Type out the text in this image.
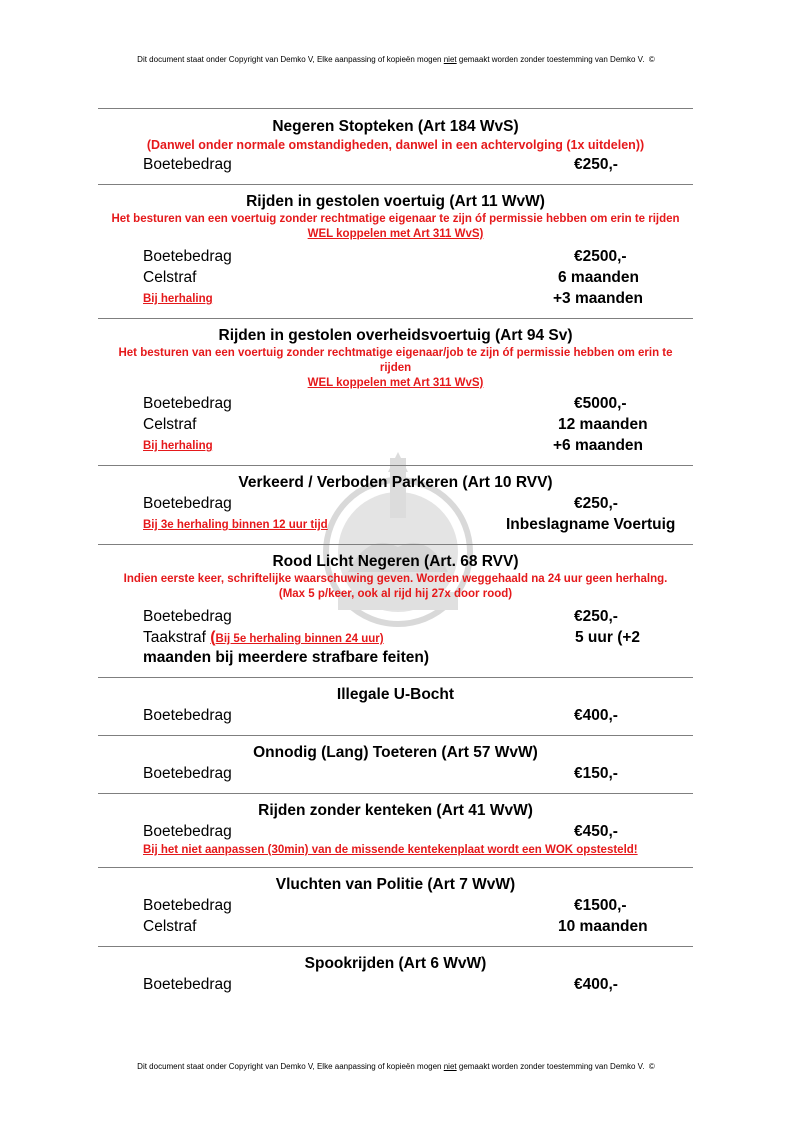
Dit document staat onder Copyright van Demko V, Elke aanpassing of kopieën mogen niet gemaakt worden zonder toestemming van Demko V. ©
Negeren Stopteken (Art 184 WvS)
(Danwel onder normale omstandigheden, danwel in een achtervolging (1x uitdelen))
Boetebedrag	€250,-
Rijden in gestolen voertuig (Art 11 WvW)
Het besturen van een voertuig zonder rechtmatige eigenaar te zijn óf permissie hebben om erin te rijden
WEL koppelen met Art 311 WvS)
Boetebedrag	€2500,-
Celstraf	6 maanden
Bij herhaling	+3 maanden
Rijden in gestolen overheidsvoertuig (Art 94 Sv)
Het besturen van een voertuig zonder rechtmatige eigenaar/job te zijn óf permissie hebben om erin te
rijden
WEL koppelen met Art 311 WvS)
Boetebedrag	€5000,-
Celstraf	12 maanden
Bij herhaling	+6 maanden
Verkeerd / Verboden Parkeren (Art 10 RVV)
Boetebedrag	€250,-
Bij 3e herhaling binnen 12 uur tijd	Inbeslagname Voertuig
Rood Licht Negeren (Art. 68 RVV)
Indien eerste keer, schriftelijke waarschuwing geven. Worden weggehaald na 24 uur geen herhalng.
(Max 5 p/keer, ook al rijd hij 27x door rood)
Boetebedrag	€250,-
Taakstraf (Bij 5e herhaling binnen 24 uur)	5 uur (+2
maanden bij meerdere strafbare feiten)
Illegale U-Bocht
Boetebedrag	€400,-
Onnodig (Lang) Toeteren (Art 57 WvW)
Boetebedrag	€150,-
Rijden zonder kenteken (Art 41 WvW)
Boetebedrag	€450,-
Bij het niet aanpassen (30min) van de missende kentekenplaat wordt een WOK opstesteld!
Vluchten van Politie (Art 7 WvW)
Boetebedrag	€1500,-
Celstraf	10 maanden
Spookrijden (Art 6 WvW)
Boetebedrag	€400,-
Dit document staat onder Copyright van Demko V, Elke aanpassing of kopieën mogen niet gemaakt worden zonder toestemming van Demko V. ©
